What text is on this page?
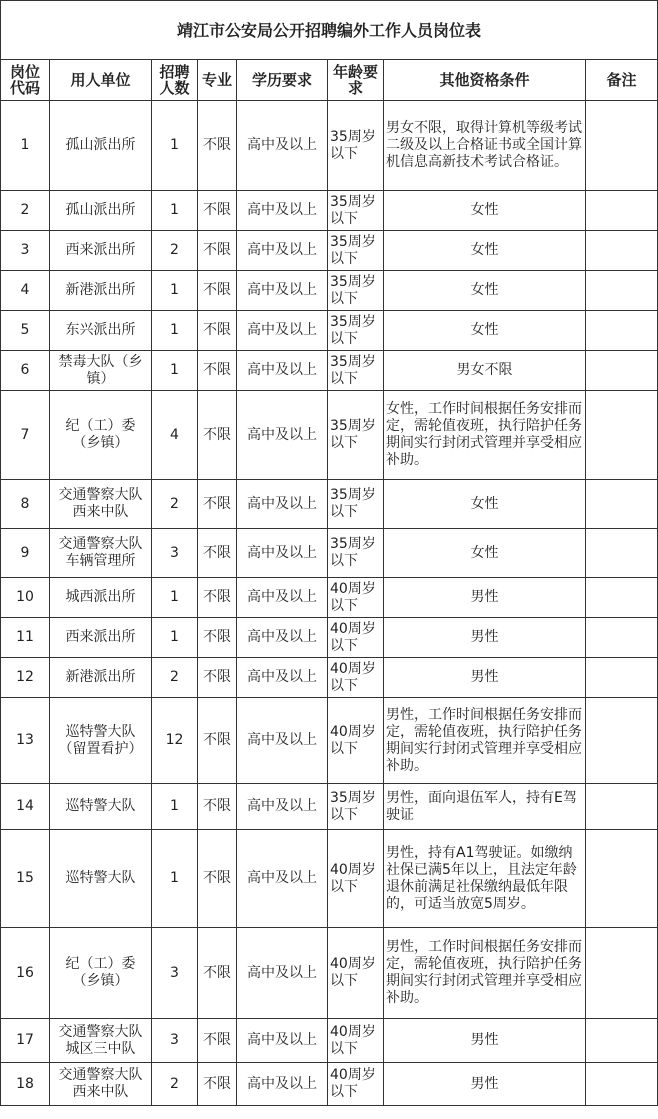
靖江市公安局公开招聘编外工作人员岗位表							
岗位代码	用人单位	招聘人数	专业	学历要求	年龄要求	其他资格条件	备注
1	孤山派出所	1	不限	高中及以上	35周岁以下	男女不限，取得计算机等级考试二级及以上合格证书或全国计算机信息高新技术考试合格证。	
2	孤山派出所	1	不限	高中及以上	35周岁以下	女性	
3	西来派出所	2	不限	高中及以上	35周岁以下	女性	
4	新港派出所	1	不限	高中及以上	35周岁以下	女性	
5	东兴派出所	1	不限	高中及以上	35周岁以下	女性	
6	禁毒大队（乡镇）	1	不限	高中及以上	35周岁以下	男女不限	
7	纪（工）委（乡镇）	4	不限	高中及以上	35周岁以下	女性，工作时间根据任务安排而定，需轮值夜班，执行陪护任务期间实行封闭式管理并享受相应补助。	
8	交通警察大队西来中队	2	不限	高中及以上	35周岁以下	女性	
9	交通警察大队车辆管理所	3	不限	高中及以上	35周岁以下	女性	
10	城西派出所	1	不限	高中及以上	40周岁以下	男性	
11	西来派出所	1	不限	高中及以上	40周岁以下	男性	
12	新港派出所	2	不限	高中及以上	40周岁以下	男性	
13	巡特警大队（留置看护）	12	不限	高中及以上	40周岁以下	男性，工作时间根据任务安排而定，需轮值夜班，执行陪护任务期间实行封闭式管理并享受相应补助。	
14	巡特警大队	1	不限	高中及以上	35周岁以下	男性，面向退伍军人，持有E驾驶证	
15	巡特警大队	1	不限	高中及以上	40周岁以下	男性，持有A1驾驶证。如缴纳社保已满5年以上，且法定年龄退休前满足社保缴纳最低年限的，可适当放宽5周岁。	
16	纪（工）委（乡镇）	3	不限	高中及以上	40周岁以下	男性，工作时间根据任务安排而定，需轮值夜班，执行陪护任务期间实行封闭式管理并享受相应补助。	
17	交通警察大队城区三中队	3	不限	高中及以上	40周岁以下	男性	
18	交通警察大队西来中队	2	不限	高中及以上	40周岁以下	男性	
